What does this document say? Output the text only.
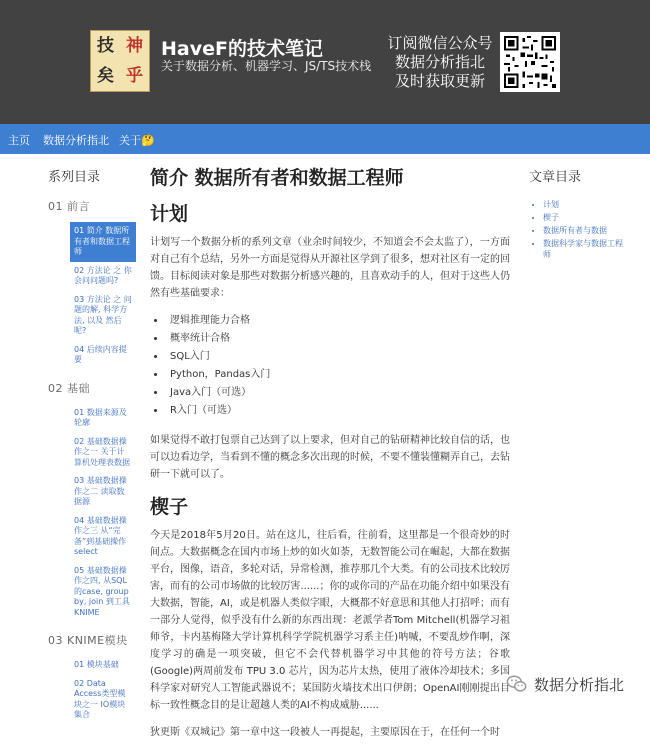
技 神
矣 乎
HaveF的技术笔记
关于数据分析、机器学习、JS/TS技术栈
订阅微信公众号
数据分析指北
及时获取更新
主页 数据分析指北 关于🤔
系列目录
01 前言
01 简介 数据所有者和数据工程师
02 方法论 之 你会问问题吗?
03 方法论 之 问题的解, 科学方法, 以及 然后呢?
04 后续内容提要
02 基础
01 数据来源及轮廓
02 基础数据操作之一 关于计算机处理表数据
03 基础数据操作之二 读取数据源
04 基础数据操作之三 从“完备”到基础操作select
05 基础数据操作之四, 从SQL的case, group by, join 到工具KNIME
03 KNIME模块
01 模块基础
02 Data Access类型模块之一 IO模块集合
简介 数据所有者和数据工程师
计划

计划写一个数据分析的系列文章（业余时间较少，不知道会不会太监了），一方面对自己有个总结，另外一方面是觉得从开源社区学到了很多，想对社区有一定的回馈。目标阅读对象是那些对数据分析感兴趣的，且喜欢动手的人，但对于这些人仍然有些基础要求：

• 逻辑推理能力合格
• 概率统计合格
• SQL入门
• Python，Pandas入门
• Java入门（可选）
• R入门（可选）

如果觉得不敢打包票自己达到了以上要求，但对自己的钻研精神比较自信的话，也可以边看边学，当看到不懂的概念多次出现的时候，不要不懂装懂糊弄自己，去钻研一下就可以了。

楔子

今天是2018年5月20日。站在这儿，往后看，往前看，这里都是一个很奇妙的时间点。大数据概念在国内市场上炒的如火如荼，无数智能公司在崛起，大都在数据平台，图像，语音，多轮对话，异常检测，推荐那几个大类。有的公司技术比较厉害，而有的公司市场做的比较厉害......；你的或你司的产品在功能介绍中如果没有大数据，智能，AI，或是机器人类似字眼，大概都不好意思和其他人打招呼；而有一部分人觉得，似乎没有什么新的东西出现：老派学者Tom Mitchell(机器学习祖师爷，卡内基梅隆大学计算机科学学院机器学习系主任)呐喊，不要乱炒作啊，深度学习的确是一项突破，但它不会代替机器学习中其他的符号方法；谷歌(Google)两周前发布 TPU 3.0 芯片，因为芯片太热，使用了液体冷却技术；多国科学家对研究人工智能武器说不；某国防火墙技术出口伊朗；OpenAI刚刚提出目标一致性概念目的是让超越人类的AI不构成威胁......

狄更斯《双城记》第一章中这一段被人一再提起，主要原因在于，在任何一个时

文章目录
• 计划
• 楔子
• 数据所有者与数据
• 数据科学家与数据工程师
数据分析指北
